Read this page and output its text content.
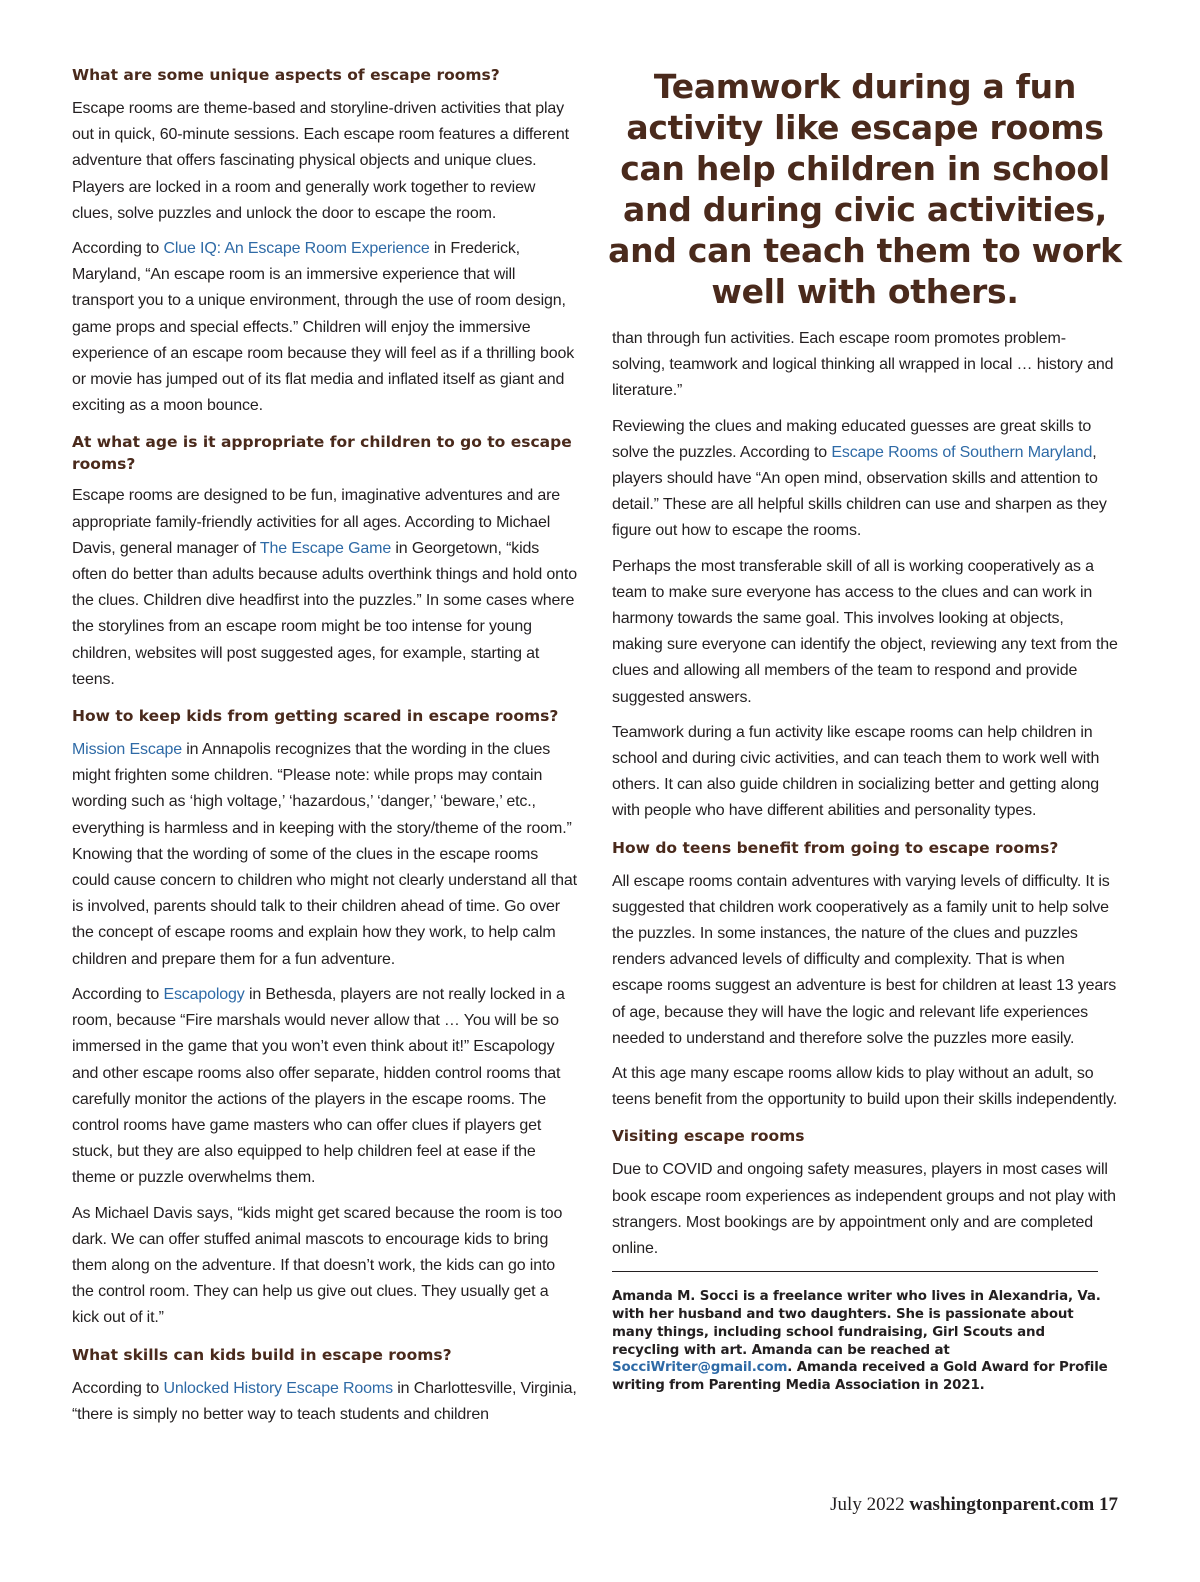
What are some unique aspects of escape rooms?

Escape rooms are theme-based and storyline-driven activities that play out in quick, 60-minute sessions. Each escape room features a different adventure that offers fascinating physical objects and unique clues. Players are locked in a room and generally work together to review clues, solve puzzles and unlock the door to escape the room.

According to Clue IQ: An Escape Room Experience in Frederick, Maryland, “An escape room is an immersive experience that will transport you to a unique environment, through the use of room design, game props and special effects.” Children will enjoy the immersive experience of an escape room because they will feel as if a thrilling book or movie has jumped out of its flat media and inflated itself as giant and exciting as a moon bounce.

At what age is it appropriate for children to go to escape rooms?

Escape rooms are designed to be fun, imaginative adventures and are appropriate family-friendly activities for all ages. According to Michael Davis, general manager of The Escape Game in Georgetown, “kids often do better than adults because adults overthink things and hold onto the clues. Children dive headfirst into the puzzles.” In some cases where the storylines from an escape room might be too intense for young children, websites will post suggested ages, for example, starting at teens.

How to keep kids from getting scared in escape rooms?

Mission Escape in Annapolis recognizes that the wording in the clues might frighten some children. “Please note: while props may contain wording such as ‘high voltage,’ ‘hazardous,’ ‘danger,’ ‘beware,’ etc., everything is harmless and in keeping with the story/theme of the room.” Knowing that the wording of some of the clues in the escape rooms could cause concern to children who might not clearly understand all that is involved, parents should talk to their children ahead of time. Go over the concept of escape rooms and explain how they work, to help calm children and prepare them for a fun adventure.

According to Escapology in Bethesda, players are not really locked in a room, because “Fire marshals would never allow that … You will be so immersed in the game that you won’t even think about it!” Escapology and other escape rooms also offer separate, hidden control rooms that carefully monitor the actions of the players in the escape rooms. The control rooms have game masters who can offer clues if players get stuck, but they are also equipped to help children feel at ease if the theme or puzzle overwhelms them.

As Michael Davis says, “kids might get scared because the room is too dark. We can offer stuffed animal mascots to encourage kids to bring them along on the adventure. If that doesn’t work, the kids can go into the control room. They can help us give out clues. They usually get a kick out of it.”

What skills can kids build in escape rooms?

According to Unlocked History Escape Rooms in Charlottesville, Virginia, “there is simply no better way to teach students and children

Teamwork during a fun activity like escape rooms can help children in school and during civic activities, and can teach them to work well with others.

than through fun activities. Each escape room promotes problem-solving, teamwork and logical thinking all wrapped in local … history and literature.”

Reviewing the clues and making educated guesses are great skills to solve the puzzles. According to Escape Rooms of Southern Maryland, players should have “An open mind, observation skills and attention to detail.” These are all helpful skills children can use and sharpen as they figure out how to escape the rooms.

Perhaps the most transferable skill of all is working cooperatively as a team to make sure everyone has access to the clues and can work in harmony towards the same goal. This involves looking at objects, making sure everyone can identify the object, reviewing any text from the clues and allowing all members of the team to respond and provide suggested answers.

Teamwork during a fun activity like escape rooms can help children in school and during civic activities, and can teach them to work well with others. It can also guide children in socializing better and getting along with people who have different abilities and personality types.

How do teens benefit from going to escape rooms?

All escape rooms contain adventures with varying levels of difficulty. It is suggested that children work cooperatively as a family unit to help solve the puzzles. In some instances, the nature of the clues and puzzles renders advanced levels of difficulty and complexity. That is when escape rooms suggest an adventure is best for children at least 13 years of age, because they will have the logic and relevant life experiences needed to understand and therefore solve the puzzles more easily.

At this age many escape rooms allow kids to play without an adult, so teens benefit from the opportunity to build upon their skills independently.

Visiting escape rooms

Due to COVID and ongoing safety measures, players in most cases will book escape room experiences as independent groups and not play with strangers. Most bookings are by appointment only and are completed online.

Amanda M. Socci is a freelance writer who lives in Alexandria, Va. with her husband and two daughters. She is passionate about many things, including school fundraising, Girl Scouts and recycling with art. Amanda can be reached at SocciWriter@gmail.com. Amanda received a Gold Award for Profile writing from Parenting Media Association in 2021.

July 2022 washingtonparent.com 17
